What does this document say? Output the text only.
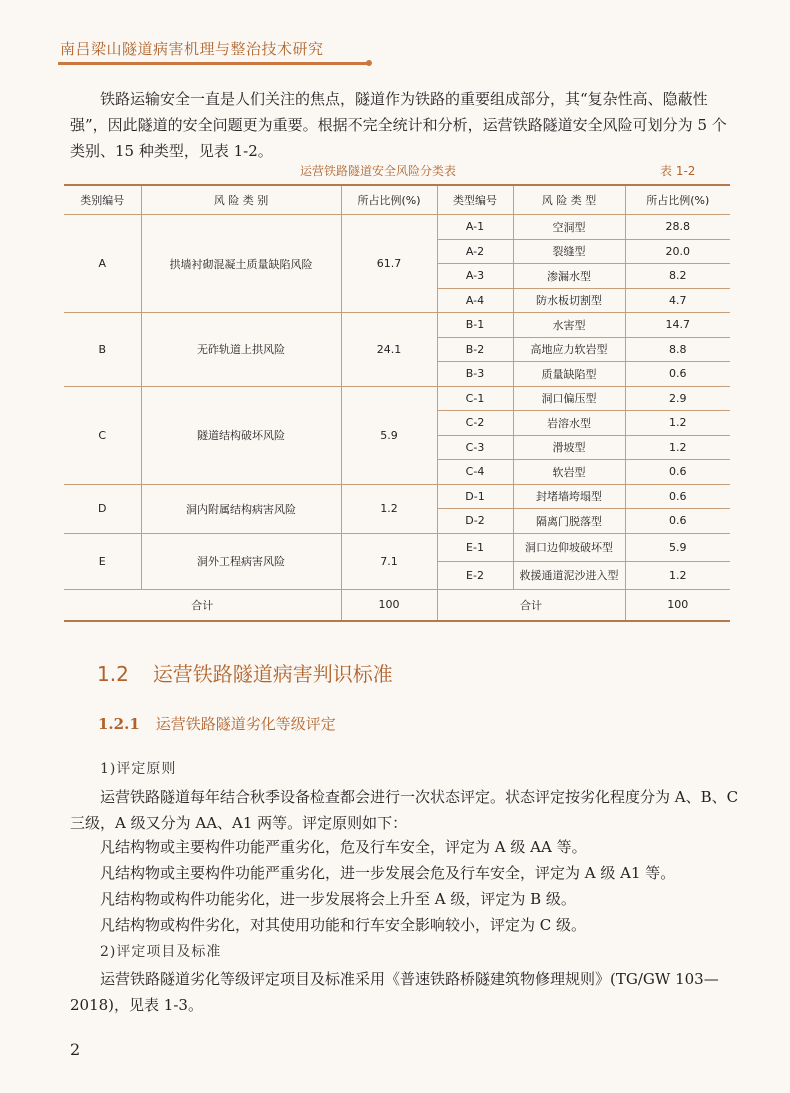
南吕梁山隧道病害机理与整治技术研究
铁路运输安全一直是人们关注的焦点，隧道作为铁路的重要组成部分，其“复杂性高、隐蔽性强”，因此隧道的安全问题更为重要。根据不完全统计和分析，运营铁路隧道安全风险可划分为 5 个类别、15 种类型，见表 1-2。
运营铁路隧道安全风险分类表	表 1-2
类别编号	风 险 类 别	所占比例(%)	类型编号	风 险 类 型	所占比例(%)
A	拱墙衬砌混凝土质量缺陷风险	61.7	A-1	空洞型	28.8
			A-2	裂缝型	20.0
			A-3	渗漏水型	8.2
			A-4	防水板切割型	4.7
B	无砟轨道上拱风险	24.1	B-1	水害型	14.7
			B-2	高地应力软岩型	8.8
			B-3	质量缺陷型	0.6
C	隧道结构破坏风险	5.9	C-1	洞口偏压型	2.9
			C-2	岩溶水型	1.2
			C-3	滑坡型	1.2
			C-4	软岩型	0.6
D	洞内附属结构病害风险	1.2	D-1	封堵墙垮塌型	0.6
			D-2	隔离门脱落型	0.6
E	洞外工程病害风险	7.1	E-1	洞口边仰坡破坏型	5.9
			E-2	救援通道泥沙进入型	1.2
合计		100	合计		100
1.2 运营铁路隧道病害判识标准
1.2.1 运营铁路隧道劣化等级评定
1)评定原则
运营铁路隧道每年结合秋季设备检查都会进行一次状态评定。状态评定按劣化程度分为 A、B、C 三级，A 级又分为 AA、A1 两等。评定原则如下：
凡结构物或主要构件功能严重劣化，危及行车安全，评定为 A 级 AA 等。
凡结构物或主要构件功能严重劣化，进一步发展会危及行车安全，评定为 A 级 A1 等。
凡结构物或构件功能劣化，进一步发展将会上升至 A 级，评定为 B 级。
凡结构物或构件劣化，对其使用功能和行车安全影响较小，评定为 C 级。
2)评定项目及标准
运营铁路隧道劣化等级评定项目及标准采用《普速铁路桥隧建筑物修理规则》(TG/GW 103—2018)，见表 1-3。
2
